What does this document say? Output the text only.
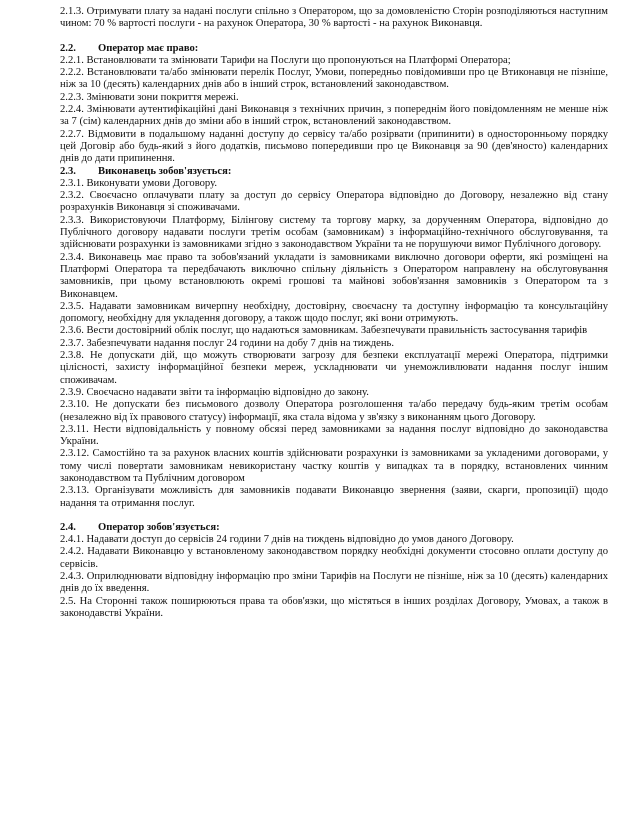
2.1.3. Отримувати плату за надані послуги спільно з Оператором, що за домовленістю Сторін розподіляються наступним чином: 70 % вартості послуги - на рахунок Оператора, 30 % вартості - на рахунок Виконавця.

2.2. Оператор має право:

2.2.1. Встановлювати та змінювати Тарифи на Послуги що пропонуються на Платформі Оператора;

2.2.2. Встановлювати та/або змінювати перелік Послуг, Умови, попередньо повідомивши про це Втиконавця не пізніше, ніж за 10 (десять) календарних днів або в інший строк, встановлений законодавством.

2.2.3. Змінювати зони покриття мережі.

2.2.4. Змінювати аутентифікаційні дані Виконавця з технічних причин, з попереднім його повідомленням не менше ніж за 7 (сім) календарних днів до зміни або в інший строк, встановлений законодавством.

2.2.7. Відмовити в подальшому наданні доступу до сервісу та/або розірвати (припинити) в односторонньому порядку цей Договір або будь-який з його додатків, письмово попередивши про це Виконавця за 90 (дев'яносто) календарних днів до дати припинення.

2.3. Виконавець зобов'язується:

2.3.1. Виконувати умови Договору.

2.3.2. Своєчасно оплачувати плату за доступ до сервісу Оператора відповідно до Договору, незалежно від стану розрахунків Виконавця зі споживачами.

2.3.3. Використовуючи Платформу, Білінгову систему та торгову марку, за дорученням Оператора, відповідно до Публічного договору надавати послуги третім особам (замовникам) з інформаційно-технічного обслуговування, та здійснювати розрахунки із замовниками згідно з законодавством України та не порушуючи вимог Публічного договору.

2.3.4. Виконавець має право та зобов'язаний укладати із замовниками виключно договори оферти, які розміщені на Платформі Оператора та передбачають виключно спільну діяльність з Оператором направлену на обслуговування замовників, при цьому встановлюють окремі грошові та майнові зобов'язання замовників з Оператором та з Виконавцем.

2.3.5. Надавати замовникам вичерпну необхідну, достовірну, своєчасну та доступну інформацію та консультаційну допомогу, необхідну для укладення договору, а також щодо послуг, які вони отримують.

2.3.6. Вести достовірний облік послуг, що надаються замовникам. Забезпечувати правильність застосування тарифів

2.3.7. Забезпечувати надання послуг 24 години на добу 7 днів на тиждень.

2.3.8. Не допускати дій, що можуть створювати загрозу для безпеки експлуатації мережі Оператора, підтримки цілісності, захисту інформаційної безпеки мереж, ускладнювати чи унеможливлювати надання послуг іншим споживачам.

2.3.9. Своєчасно надавати звіти та інформацію відповідно до закону.

2.3.10. Не допускати без письмового дозволу Оператора розголошення та/або передачу будь-яким третім особам (незалежно від їх правового статусу) інформації, яка стала відома у зв'язку з виконанням цього Договору.

2.3.11. Нести відповідальність у повному обсязі перед замовниками за надання послуг відповідно до законодавства України.

2.3.12. Самостійно та за рахунок власних коштів здійснювати розрахунки із замовниками за укладеними договорами, у тому числі повертати замовникам невикористану частку коштів у випадках та в порядку, встановлених чинним законодавством та Публічним договором

2.3.13. Організувати можливість для замовників подавати Виконавцю звернення (заяви, скарги, пропозиції) щодо надання та отримання послуг.

2.4. Оператор зобов'язується:

2.4.1. Надавати доступ до сервісів 24 години 7 днів на тиждень відповідно до умов даного Договору.

2.4.2. Надавати Виконавцю у встановленому законодавством порядку необхідні документи стосовно оплати доступу до сервісів.

2.4.3. Оприлюднювати відповідну інформацію про зміни Тарифів на Послуги не пізніше, ніж за 10 (десять) календарних днів до їх введення.

2.5. На Сторонні також поширюються права та обов'язки, що містяться в інших розділах Договору, Умовах, а також в законодавстві України.
